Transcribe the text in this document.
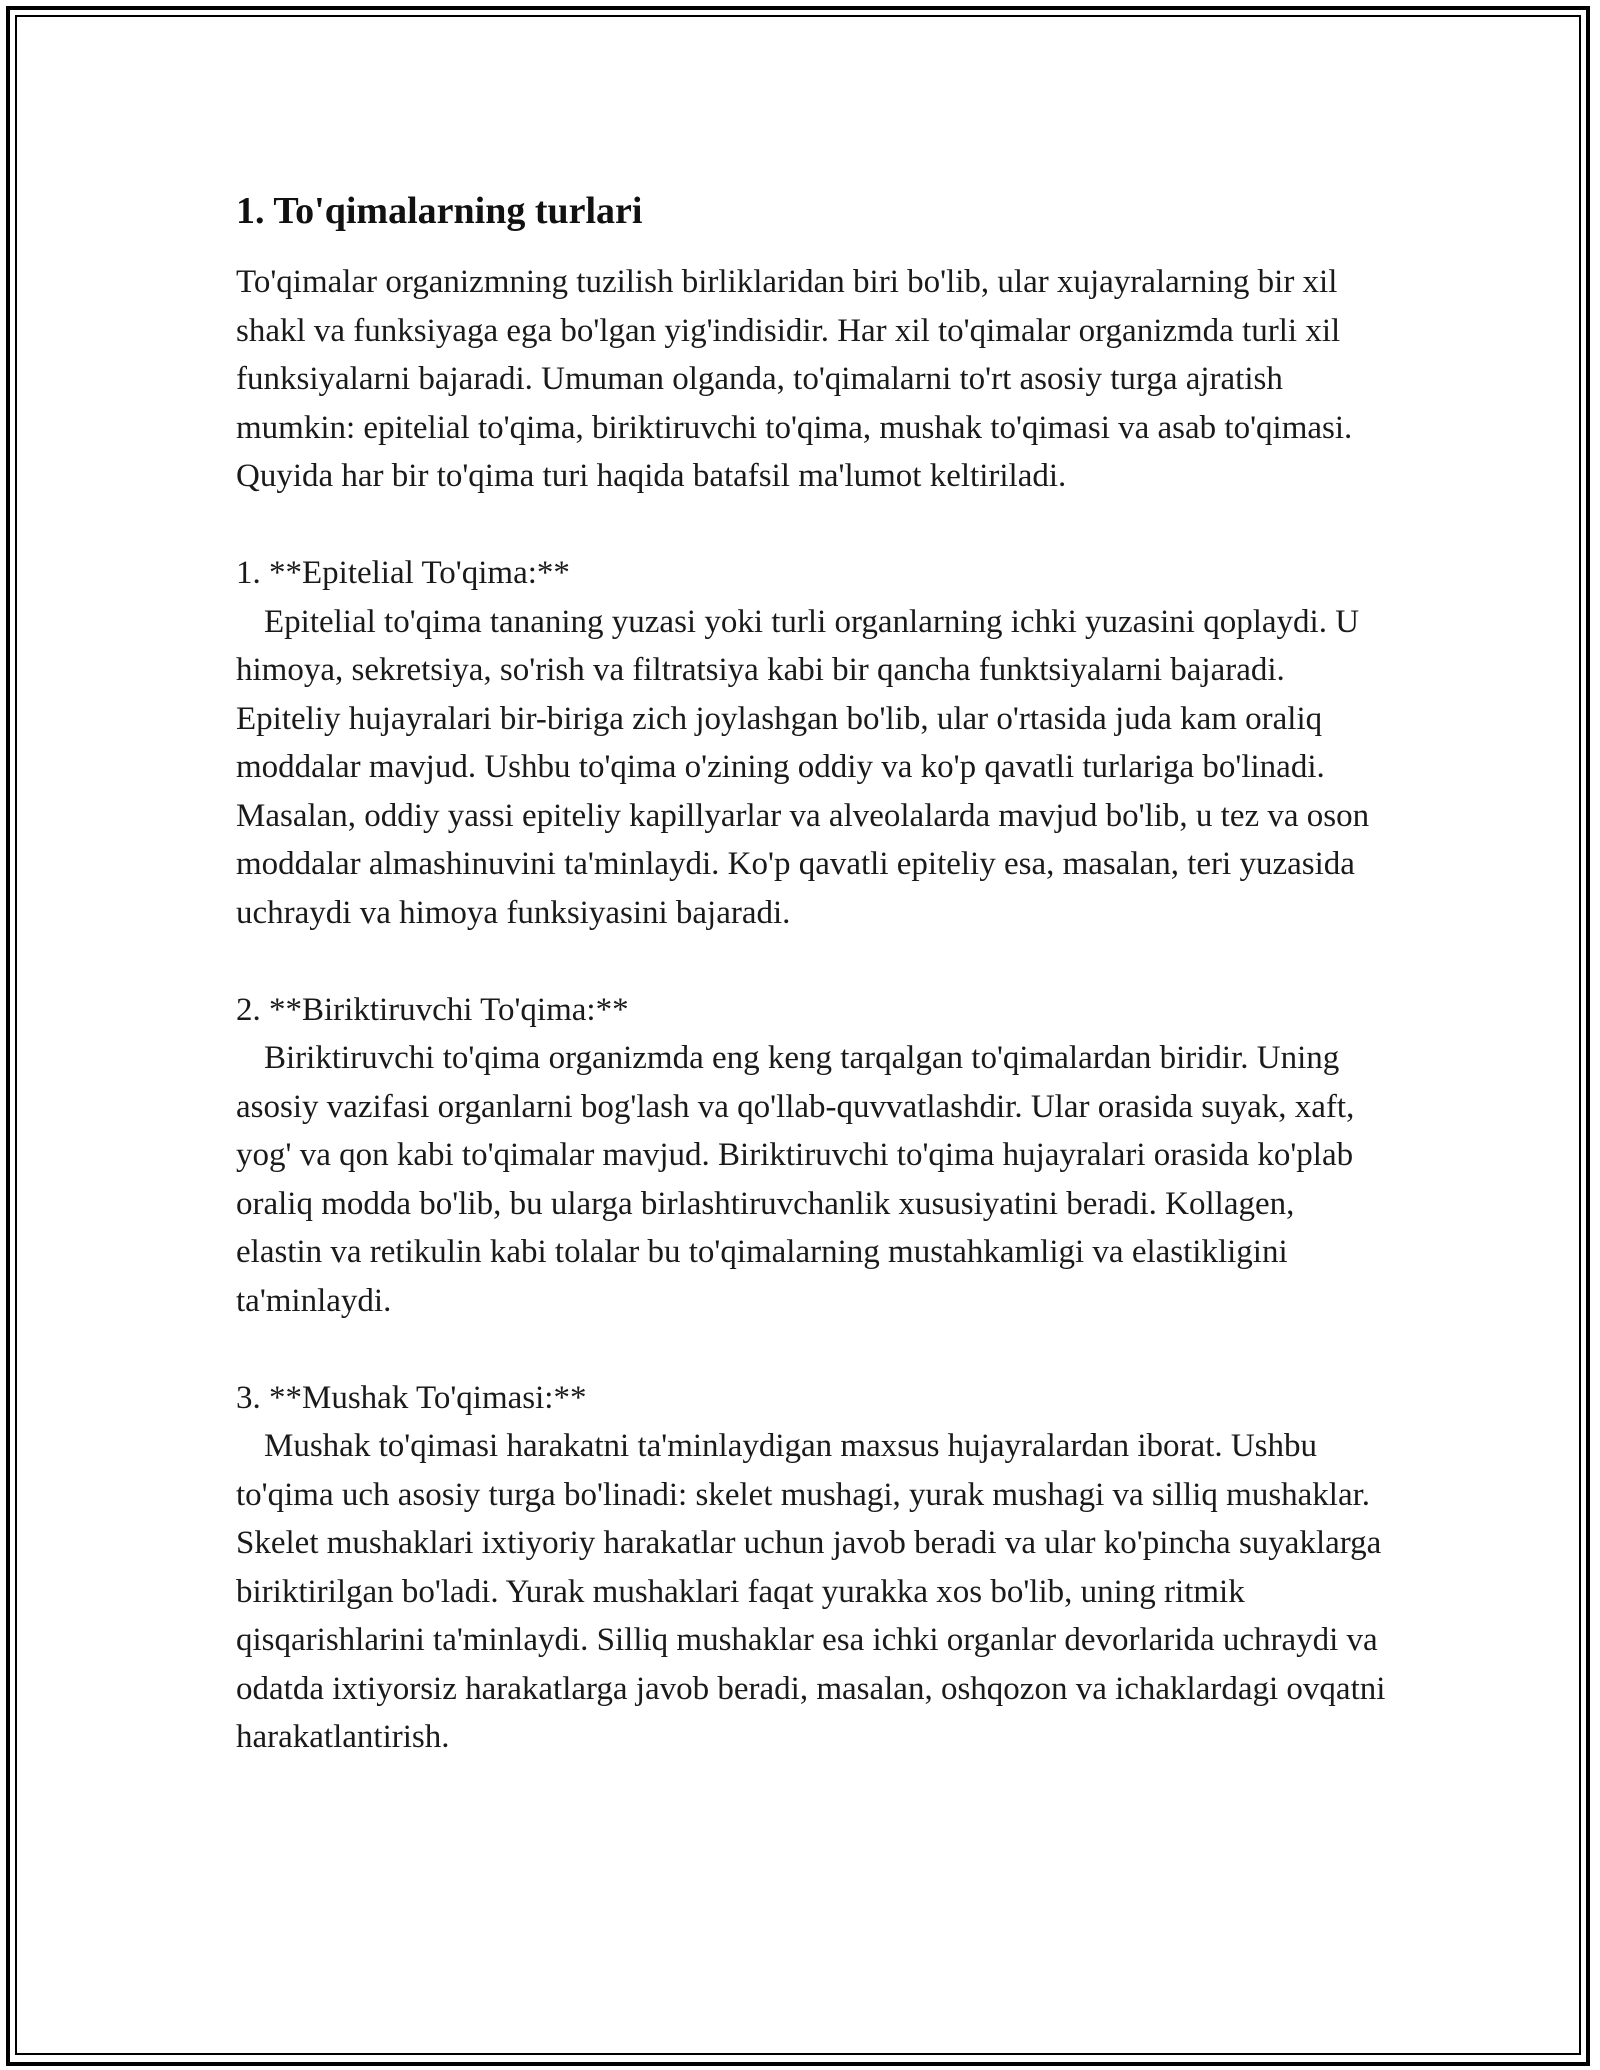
1. To'qimalarning turlari

To'qimalar organizmning tuzilish birliklaridan biri bo'lib, ular xujayralarning bir xil shakl va funksiyaga ega bo'lgan yig'indisidir. Har xil to'qimalar organizmda turli xil funksiyalarni bajaradi. Umuman olganda, to'qimalarni to'rt asosiy turga ajratish mumkin: epitelial to'qima, biriktiruvchi to'qima, mushak to'qimasi va asab to'qimasi. Quyida har bir to'qima turi haqida batafsil ma'lumot keltiriladi.

1. **Epitelial To'qima:**

Epitelial to'qima tananing yuzasi yoki turli organlarning ichki yuzasini qoplaydi. U himoya, sekretsiya, so'rish va filtratsiya kabi bir qancha funktsiyalarni bajaradi. Epiteliy hujayralari bir-biriga zich joylashgan bo'lib, ular o'rtasida juda kam oraliq moddalar mavjud. Ushbu to'qima o'zining oddiy va ko'p qavatli turlariga bo'linadi. Masalan, oddiy yassi epiteliy kapillyarlar va alveolalarda mavjud bo'lib, u tez va oson moddalar almashinuvini ta'minlaydi. Ko'p qavatli epiteliy esa, masalan, teri yuzasida uchraydi va himoya funksiyasini bajaradi.

2. **Biriktiruvchi To'qima:**

Biriktiruvchi to'qima organizmda eng keng tarqalgan to'qimalardan biridir. Uning asosiy vazifasi organlarni bog'lash va qo'llab-quvvatlashdir. Ular orasida suyak, xaft, yog' va qon kabi to'qimalar mavjud. Biriktiruvchi to'qima hujayralari orasida ko'plab oraliq modda bo'lib, bu ularga birlashtiruvchanlik xususiyatini beradi. Kollagen, elastin va retikulin kabi tolalar bu to'qimalarning mustahkamligi va elastikligini ta'minlaydi.

3. **Mushak To'qimasi:**

Mushak to'qimasi harakatni ta'minlaydigan maxsus hujayralardan iborat. Ushbu to'qima uch asosiy turga bo'linadi: skelet mushagi, yurak mushagi va silliq mushaklar. Skelet mushaklari ixtiyoriy harakatlar uchun javob beradi va ular ko'pincha suyaklarga biriktirilgan bo'ladi. Yurak mushaklari faqat yurakka xos bo'lib, uning ritmik qisqarishlarini ta'minlaydi. Silliq mushaklar esa ichki organlar devorlarida uchraydi va odatda ixtiyorsiz harakatlarga javob beradi, masalan, oshqozon va ichaklardagi ovqatni harakatlantirish.
